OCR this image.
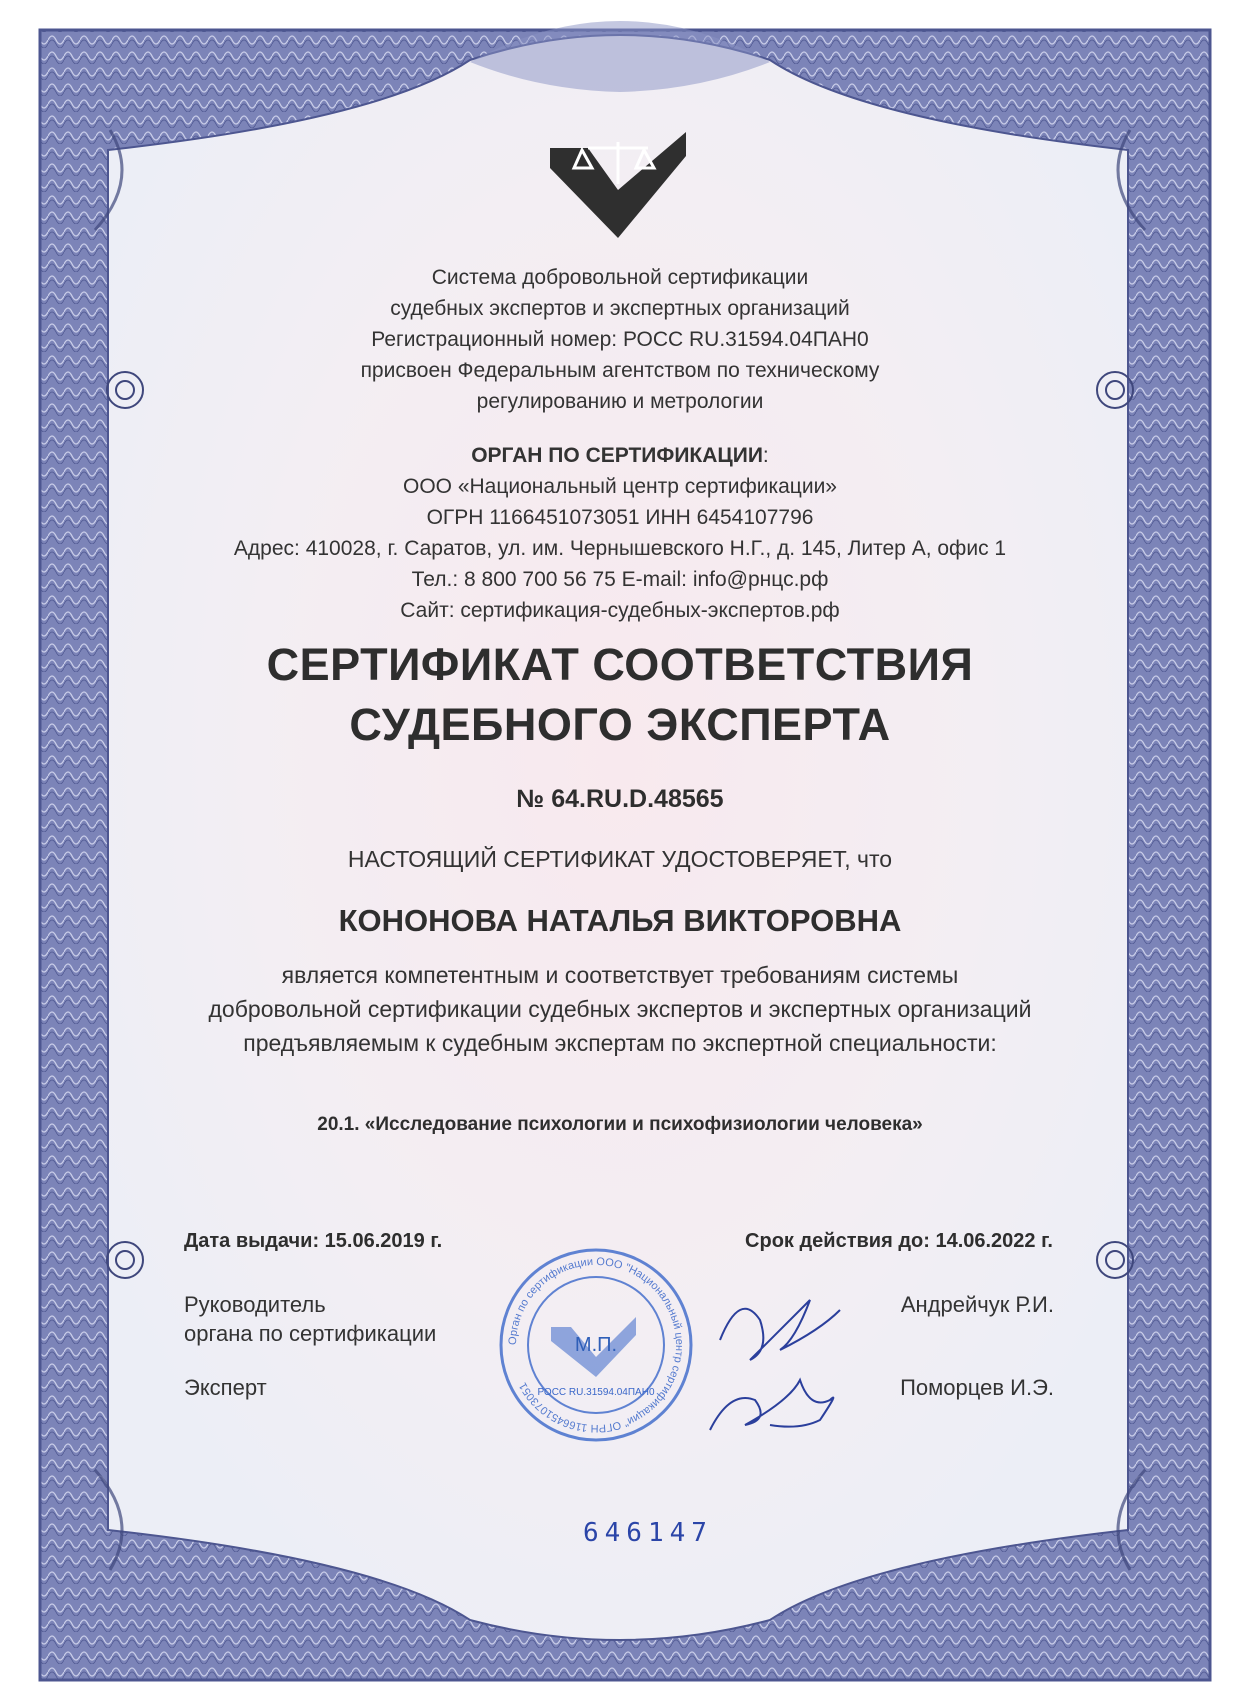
Система добровольной сертификации
судебных экспертов и экспертных организаций
Регистрационный номер: РОСС RU.31594.04ПАН0
присвоен Федеральным агентством по техническому
регулированию и метрологии
ОРГАН ПО СЕРТИФИКАЦИИ:
ООО «Национальный центр сертификации»
ОГРН 1166451073051 ИНН 6454107796
Адрес: 410028, г. Саратов, ул. им. Чернышевского Н.Г., д. 145, Литер А, офис 1
Тел.: 8 800 700 56 75 E-mail: info@рнцс.рф
Сайт: сертификация-судебных-экспертов.рф
СЕРТИФИКАТ СООТВЕТСТВИЯ
СУДЕБНОГО ЭКСПЕРТА
№ 64.RU.D.48565
НАСТОЯЩИЙ СЕРТИФИКАТ УДОСТОВЕРЯЕТ, что
КОНОНОВА НАТАЛЬЯ ВИКТОРОВНА
является компетентным и соответствует требованиям системы
добровольной сертификации судебных экспертов и экспертных организаций
предъявляемым к судебным экспертам по экспертной специальности:
20.1. «Исследование психологии и психофизиологии человека»
Дата выдачи: 15.06.2019 г.	Срок действия до: 14.06.2022 г.
Руководитель
органа по сертификации
Эксперт
Андрейчук Р.И.
Поморцев И.Э.
Орган по сертификации ООО "Национальный центр сертификации" ОГРН 1166451073051
М.П.
РОСС RU.31594.04ПАН0
646147
